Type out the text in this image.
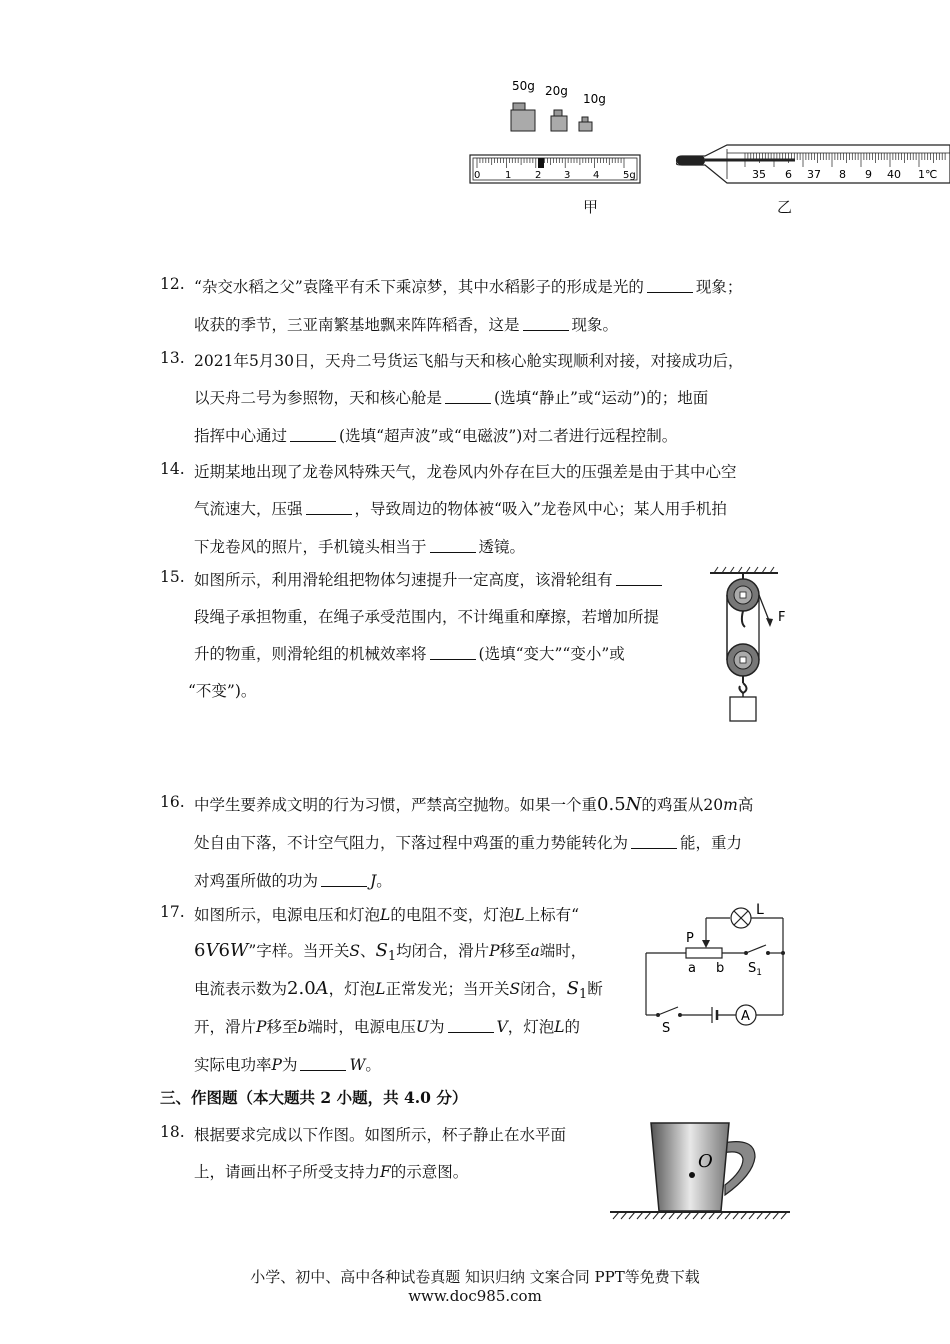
50g 20g
10g
0 1 2 3 4 5g	35 6 37 8 9 40 1℃
甲	乙
12. “杂交水稻之父”袁隆平有禾下乘凉梦，其中水稻影子的形成是光的	现象；
收获的季节，三亚南繁基地飘来阵阵稻香，这是	现象。
13. 2021年5月30日，天舟二号货运飞船与天和核心舱实现顺利对接，对接成功后，
以天舟二号为参照物，天和核心舱是	(选填“静止”或“运动”)的；地面
指挥中心通过	(选填“超声波”或“电磁波”)对二者进行远程控制。
14. 近期某地出现了龙卷风特殊天气，龙卷风内外存在巨大的压强差是由于其中心空
气流速大，压强	，导致周边的物体被“吸入”龙卷风中心；某人用手机拍
下龙卷风的照片，手机镜头相当于	透镜。
15. 如图所示，利用滑轮组把物体匀速提升一定高度，该滑轮组有
段绳子承担物重，在绳子承受范围内，不计绳重和摩擦，若增加所提
升的物重，则滑轮组的机械效率将	(选填“变大”“变小”或
“不变”)。
F
16. 中学生要养成文明的行为习惯，严禁高空抛物。如果一个重0.5N的鸡蛋从20m高
处自由下落，不计空气阻力，下落过程中鸡蛋的重力势能转化为	能，重力
对鸡蛋所做的功为	J。
17. 如图所示，电源电压和灯泡L的电阻不变，灯泡L上标有“
6V6W”字样。当开关S、$S_1$均闭合，滑片P移至a端时，
电流表示数为2.0A，灯泡L正常发光；当开关S闭合，$S_1$断
开，滑片P移至b端时，电源电压U为	V，灯泡L的
实际电功率P为	W。
L
P
a b $S_1$
S
A
三、作图题（本大题共 2 小题，共 4.0 分）
18. 根据要求完成以下作图。如图所示，杯子静止在水平面
上，请画出杯子所受支持力F的示意图。	O
小学、初中、高中各种试卷真题 知识归纳 文案合同 PPT等免费下载
www.doc985.com
